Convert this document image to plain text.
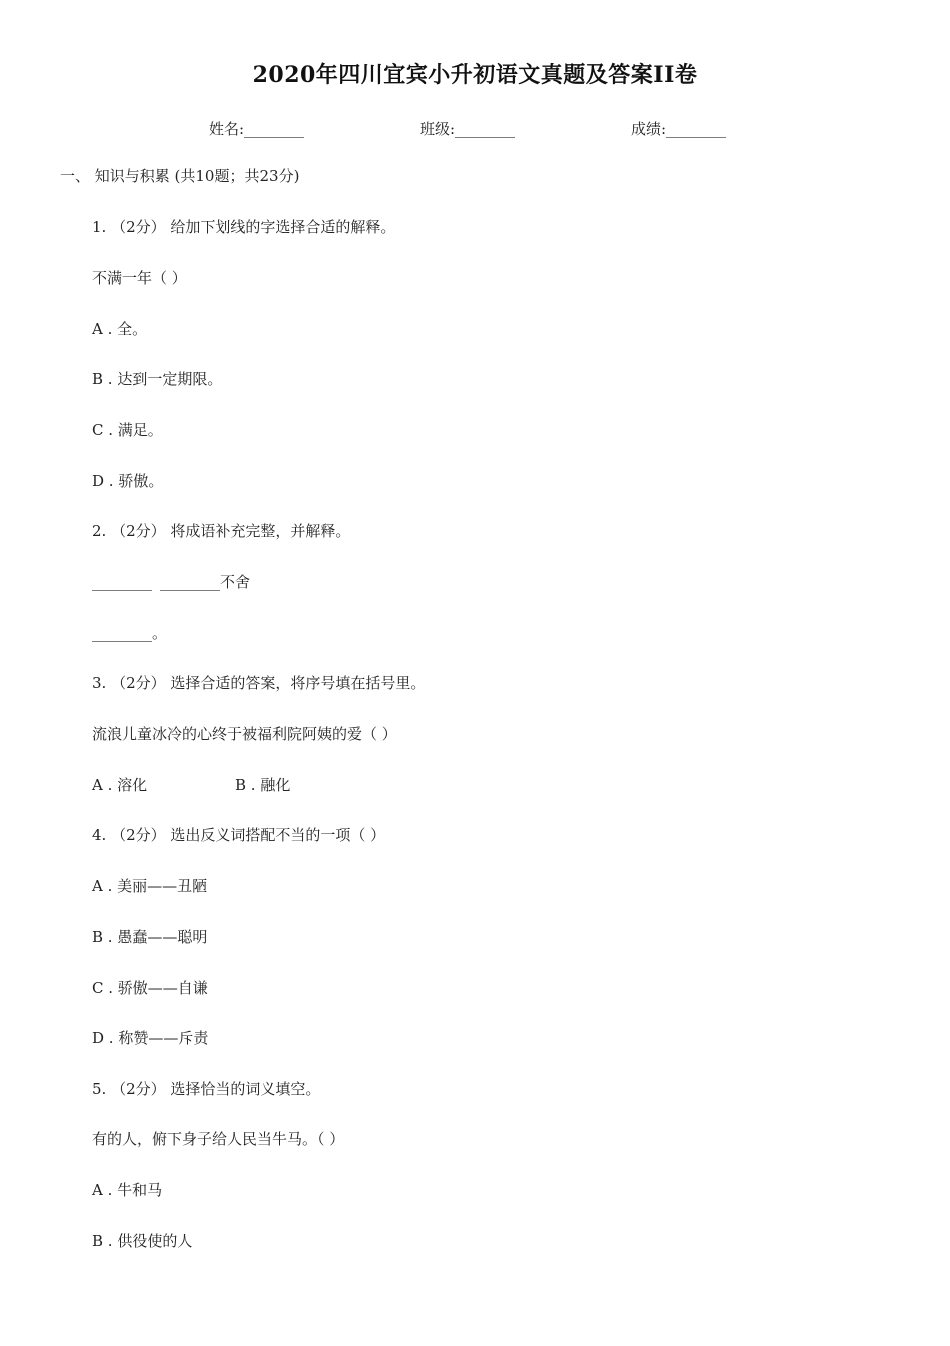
2020年四川宜宾小升初语文真题及答案II卷
姓名:________	班级:________	成绩:________
一、 知识与积累 (共10题；共23分)
1. （2分） 给加下划线的字选择合适的解释。
不满一年（ ）
A . 全。
B . 达到一定期限。
C . 满足。
D . 骄傲。
2. （2分） 将成语补充完整，并解释。
________ ________不舍
________。
3. （2分） 选择合适的答案，将序号填在括号里。
流浪儿童冰冷的心终于被福利院阿姨的爱（ ）
A . 溶化	B . 融化
4. （2分） 选出反义词搭配不当的一项（ ）
A . 美丽——丑陋
B . 愚蠢——聪明
C . 骄傲——自谦
D . 称赞——斥责
5. （2分） 选择恰当的词义填空。
有的人，俯下身子给人民当牛马。（ ）
A . 牛和马
B . 供役使的人
